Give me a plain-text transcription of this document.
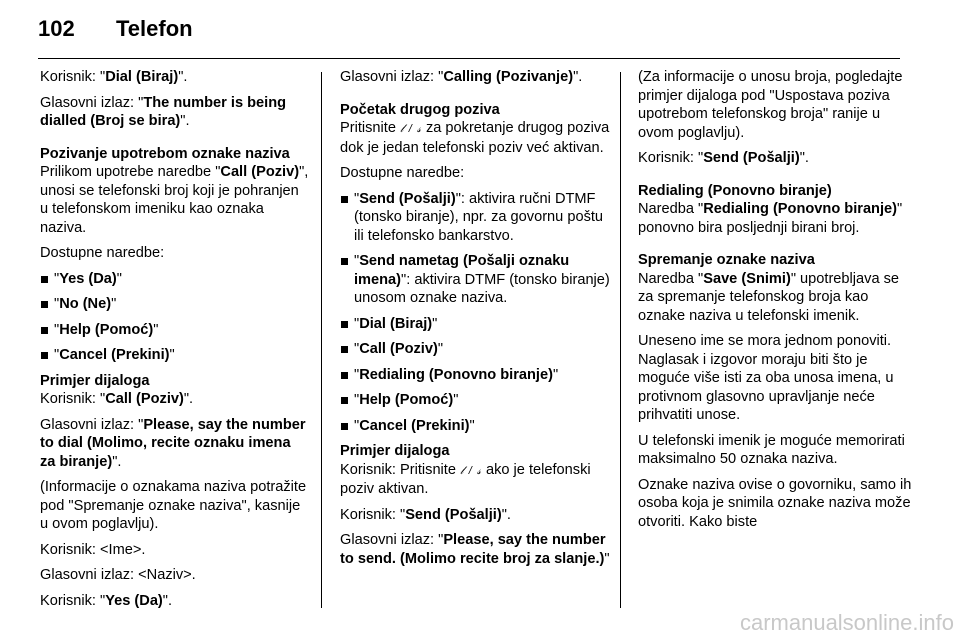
102	Telefon

Korisnik: "Dial (Biraj)".

Glasovni izlaz: "The number is being dialled (Broj se bira)".

Pozivanje upotrebom oznake naziva

Prilikom upotrebe naredbe "Call (Poziv)", unosi se telefonski broj koji je pohranjen u telefonskom imeniku kao oznaka naziva.

Dostupne naredbe:

"Yes (Da)"
"No (Ne)"
"Help (Pomoć)"
"Cancel (Prekini)"
Primjer dijaloga

Korisnik: "Call (Poziv)".

Glasovni izlaz: "Please, say the number to dial (Molimo, recite oznaku imena za biranje)".

(Informacije o oznakama naziva potražite pod "Spremanje oznake naziva", kasnije u ovom poglavlju).

Korisnik: <Ime>.

Glasovni izlaz: <Naziv>.

Korisnik: "Yes (Da)".

Glasovni izlaz: "Calling (Pozivanje)".

Početak drugog poziva

Pritisnite 𝓁 / 𝓈 za pokretanje drugog poziva dok je jedan telefonski poziv već aktivan.

Dostupne naredbe:

"Send (Pošalji)": aktivira ručni DTMF (tonsko biranje), npr. za govornu poštu ili telefonsko bankarstvo.
"Send nametag (Pošalji oznaku imena)": aktivira DTMF (tonsko biranje) unosom oznake naziva.
"Dial (Biraj)"
"Call (Poziv)"
"Redialing (Ponovno biranje)"
"Help (Pomoć)"
"Cancel (Prekini)"
Primjer dijaloga

Korisnik: Pritisnite 𝓁 / 𝓈 ako je telefonski poziv aktivan.

Korisnik: "Send (Pošalji)".

Glasovni izlaz: "Please, say the number to send. (Molimo recite broj za slanje.)"

(Za informacije o unosu broja, pogledajte primjer dijaloga pod "Uspostava poziva upotrebom telefonskog broja" ranije u ovom poglavlju).

Korisnik: "Send (Pošalji)".

Redialing (Ponovno biranje)

Naredba "Redialing (Ponovno biranje)" ponovno bira posljednji birani broj.

Spremanje oznake naziva

Naredba "Save (Snimi)" upotrebljava se za spremanje telefonskog broja kao oznake naziva u telefonski imenik.

Uneseno ime se mora jednom ponoviti. Naglasak i izgovor moraju biti što je moguće više isti za oba unosa imena, u protivnom glasovno upravljanje neće prihvatiti unose.

U telefonski imenik je moguće memorirati maksimalno 50 oznaka naziva.

Oznake naziva ovise o govorniku, samo ih osoba koja je snimila oznake naziva može otvoriti. Kako biste

carmanualsonline.info
